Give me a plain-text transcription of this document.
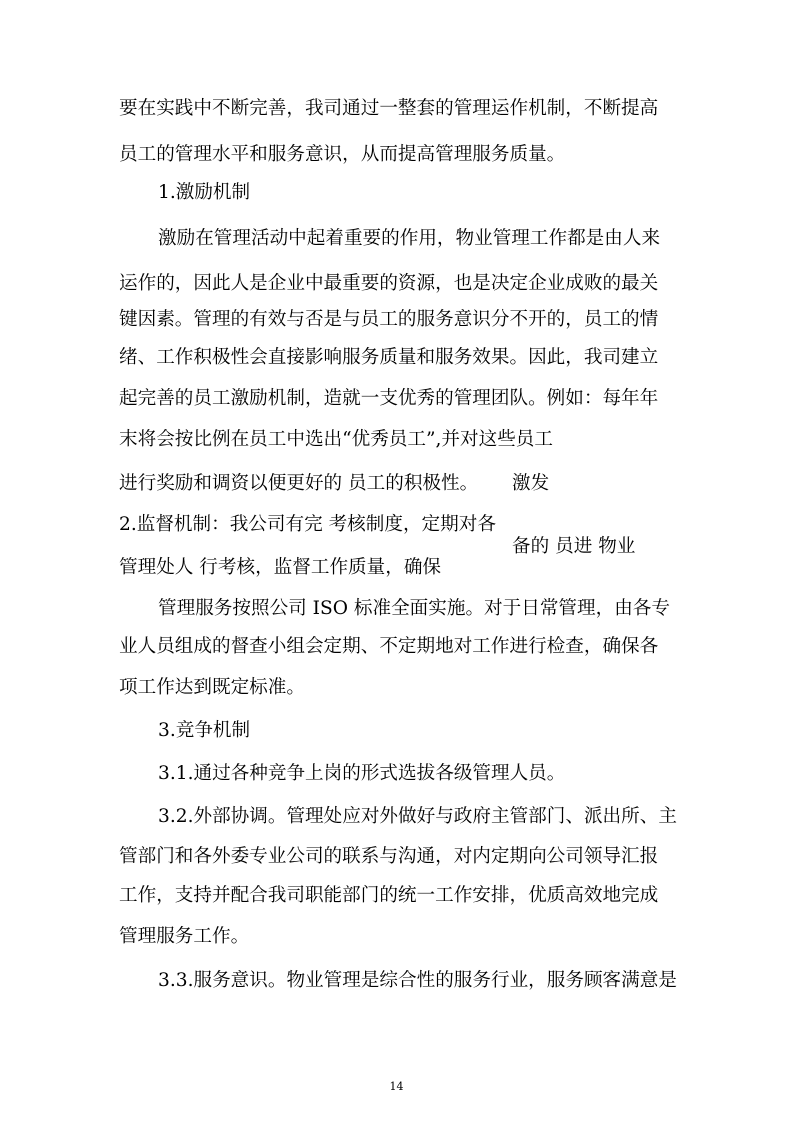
要在实践中不断完善，我司通过一整套的管理运作机制，不断提高

员工的管理水平和服务意识，从而提高管理服务质量。

1.激励机制

激励在管理活动中起着重要的作用，物业管理工作都是由人来

运作的，因此人是企业中最重要的资源，也是决定企业成败的最关

键因素。管理的有效与否是与员工的服务意识分不开的，员工的情

绪、工作积极性会直接影响服务质量和服务效果。因此，我司建立

起完善的员工激励机制，造就一支优秀的管理团队。例如：每年年

末将会按比例在员工中选出“优秀员工”,并对这些员工

进行奖励和调资以便更好的 员工的积极性。 激发

2.监督机制：我公司有完 考核制度，定期对各

备的 员进 物业

管理处人 行考核，监督工作质量，确保

管理服务按照公司 ISO 标准全面实施。对于日常管理，由各专

业人员组成的督查小组会定期、不定期地对工作进行检查，确保各

项工作达到既定标准。

3.竞争机制

3.1.通过各种竞争上岗的形式选拔各级管理人员。

3.2.外部协调。管理处应对外做好与政府主管部门、派出所、主

管部门和各外委专业公司的联系与沟通，对内定期向公司领导汇报

工作，支持并配合我司职能部门的统一工作安排，优质高效地完成

管理服务工作。

3.3.服务意识。物业管理是综合性的服务行业，服务顾客满意是

14
